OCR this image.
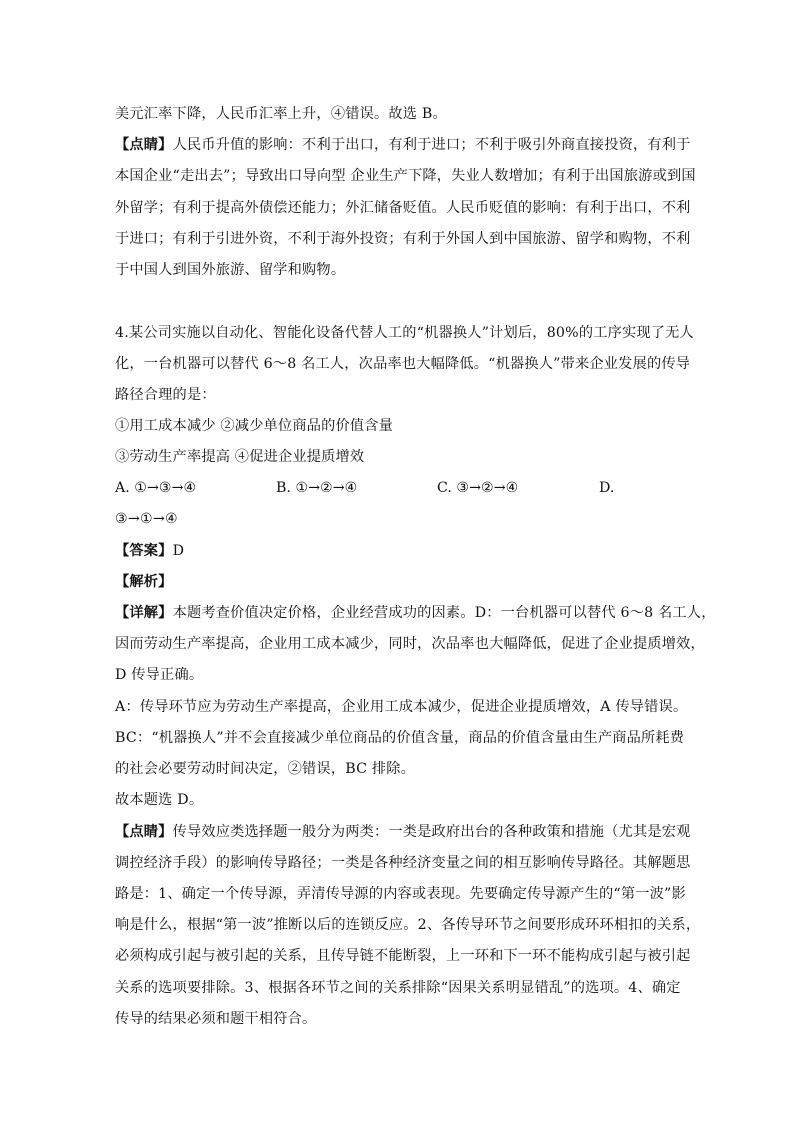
美元汇率下降，人民币汇率上升，④错误。故选 B。
【点睛】人民币升值的影响：不利于出口，有利于进口；不利于吸引外商直接投资，有利于
本国企业“走出去”；导致出口导向型 企业生产下降，失业人数增加；有利于出国旅游或到国
外留学；有利于提高外债偿还能力；外汇储备贬值。人民币贬值的影响：有利于出口，不利
于进口；有利于引进外资，不利于海外投资；有利于外国人到中国旅游、留学和购物，不利
于中国人到国外旅游、留学和购物。
4.某公司实施以自动化、智能化设备代替人工的“机器换人”计划后，80%的工序实现了无人
化，一台机器可以替代 6～8 名工人，次品率也大幅降低。“机器换人”带来企业发展的传导
路径合理的是：
①用工成本减少 ②减少单位商品的价值含量
③劳动生产率提高 ④促进企业提质增效
A. ①→③→④	B. ①→②→④	C. ③→②→④	D.
③→①→④
【答案】D
【解析】
【详解】本题考查价值决定价格，企业经营成功的因素。D：一台机器可以替代 6～8 名工人，
因而劳动生产率提高，企业用工成本减少，同时，次品率也大幅降低，促进了企业提质增效，
D 传导正确。
A：传导环节应为劳动生产率提高，企业用工成本减少，促进企业提质增效，A 传导错误。
BC：“机器换人”并不会直接减少单位商品的价值含量，商品的价值含量由生产商品所耗费
的社会必要劳动时间决定，②错误，BC 排除。
故本题选 D。
【点睛】传导效应类选择题一般分为两类：一类是政府出台的各种政策和措施（尤其是宏观
调控经济手段）的影响传导路径；一类是各种经济变量之间的相互影响传导路径。其解题思
路是：1、确定一个传导源，弄清传导源的内容或表现。先要确定传导源产生的“第一波”影
响是什么，根据“第一波”推断以后的连锁反应。2、各传导环节之间要形成环环相扣的关系，
必须构成引起与被引起的关系，且传导链不能断裂，上一环和下一环不能构成引起与被引起
关系的选项要排除。3、根据各环节之间的关系排除“因果关系明显错乱”的选项。4、确定
传导的结果必须和题干相符合。
